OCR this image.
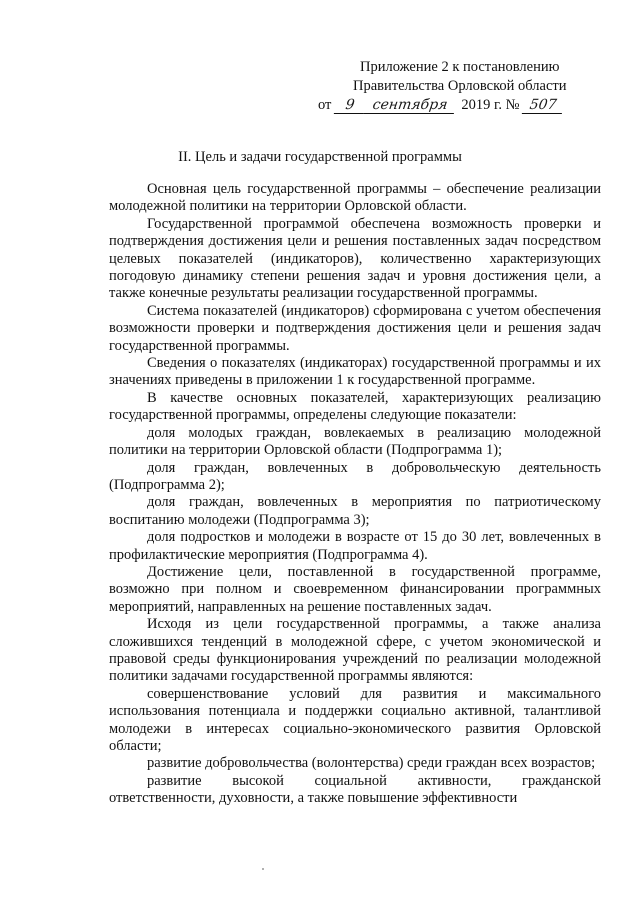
Приложение 2 к постановлению
Правительства Орловской области
от 9	сентября 2019 г. № 507
II. Цель и задачи государственной программы

Основная цель государственной программы – обеспечение реализации молодежной политики на территории Орловской области.

Государственной программой обеспечена возможность проверки и подтверждения достижения цели и решения поставленных задач посредством целевых показателей (индикаторов), количественно характеризующих погодовую динамику степени решения задач и уровня достижения цели, а также конечные результаты реализации государственной программы.

Система показателей (индикаторов) сформирована с учетом обеспечения возможности проверки и подтверждения достижения цели и решения задач государственной программы.

Сведения о показателях (индикаторах) государственной программы и их значениях приведены в приложении 1 к государственной программе.

В качестве основных показателей, характеризующих реализацию государственной программы, определены следующие показатели:

доля молодых граждан, вовлекаемых в реализацию молодежной политики на территории Орловской области (Подпрограмма 1);

доля граждан, вовлеченных в добровольческую деятельность (Подпрограмма 2);

доля граждан, вовлеченных в мероприятия по патриотическому воспитанию молодежи (Подпрограмма 3);

доля подростков и молодежи в возрасте от 15 до 30 лет, вовлеченных в профилактические мероприятия (Подпрограмма 4).

Достижение цели, поставленной в государственной программе, возможно при полном и своевременном финансировании программных мероприятий, направленных на решение поставленных задач.

Исходя из цели государственной программы, а также анализа сложившихся тенденций в молодежной сфере, с учетом экономической и правовой среды функционирования учреждений по реализации молодежной политики задачами государственной программы являются:

совершенствование условий для развития и максимального использования потенциала и поддержки социально активной, талантливой молодежи в интересах социально-экономического развития Орловской области;

развитие добровольчества (волонтерства) среди граждан всех возрастов;

развитие высокой социальной активности, гражданской ответственности, духовности, а также повышение эффективности
